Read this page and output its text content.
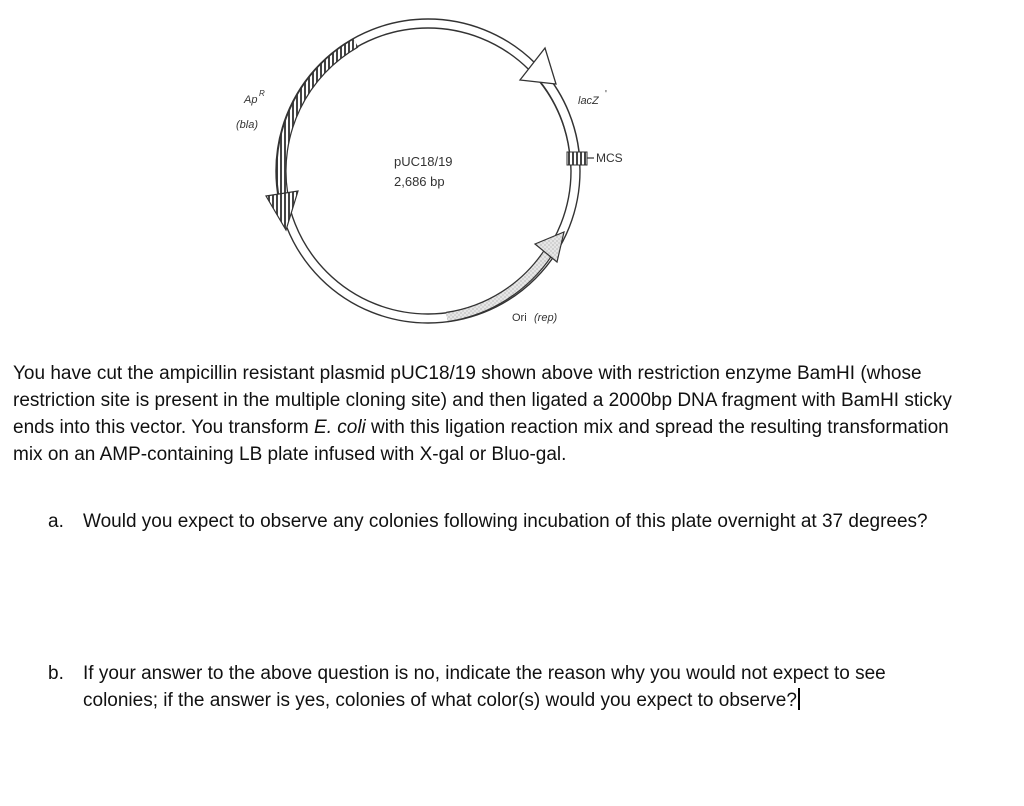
Ap
R
(bla)
lacZ
'
MCS
pUC18/19
2,686 bp
Ori (rep)

You have cut the ampicillin resistant plasmid pUC18/19 shown above with restriction enzyme BamHI (whose restriction site is present in the multiple cloning site) and then ligated a 2000bp DNA fragment with BamHI sticky ends into this vector. You transform E. coli with this ligation reaction mix and spread the resulting transformation mix on an AMP-containing LB plate infused with X-gal or Bluo-gal.

a. Would you expect to observe any colonies following incubation of this plate overnight at 37 degrees?
b. If your answer to the above question is no, indicate the reason why you would not expect to see colonies; if the answer is yes, colonies of what color(s) would you expect to observe?
